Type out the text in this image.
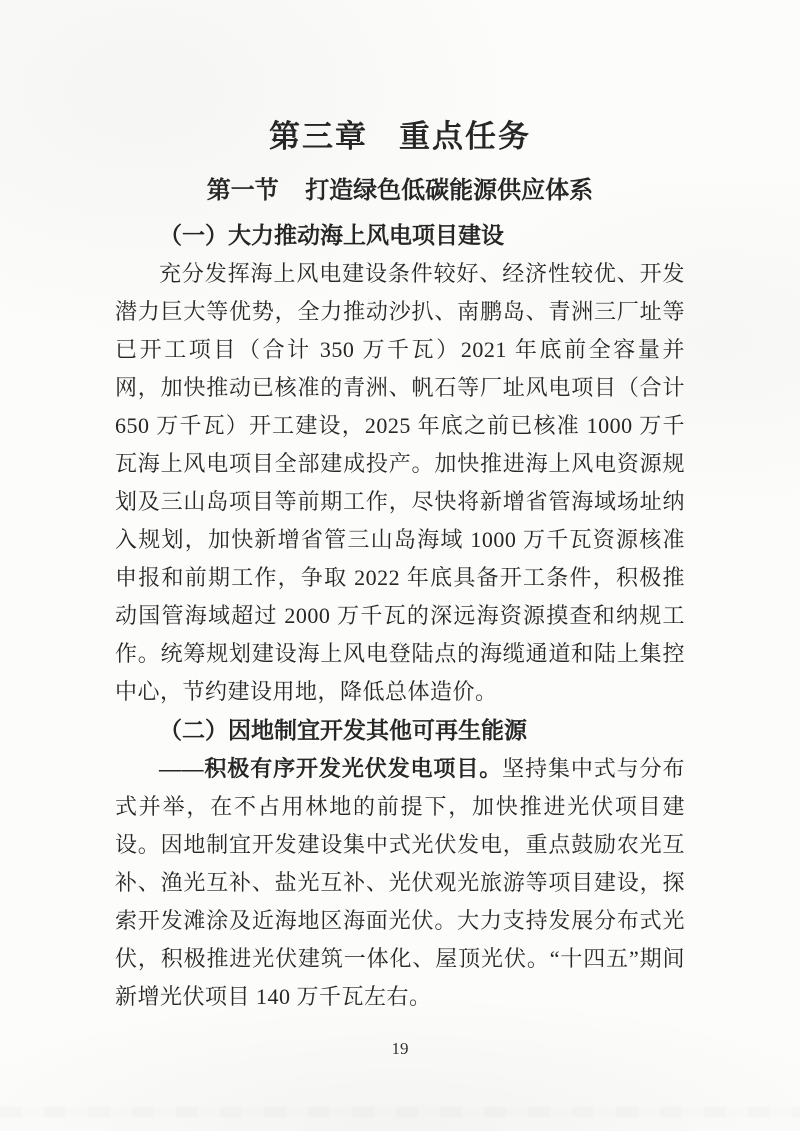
第三章 重点任务
第一节 打造绿色低碳能源供应体系
（一）大力推动海上风电项目建设

充分发挥海上风电建设条件较好、经济性较优、开发潜力巨大等优势，全力推动沙扒、南鹏岛、青洲三厂址等已开工项目（合计 350 万千瓦）2021 年底前全容量并网，加快推动已核准的青洲、帆石等厂址风电项目（合计 650 万千瓦）开工建设，2025 年底之前已核准 1000 万千瓦海上风电项目全部建成投产。加快推进海上风电资源规划及三山岛项目等前期工作，尽快将新增省管海域场址纳入规划，加快新增省管三山岛海域 1000 万千瓦资源核准申报和前期工作，争取 2022 年底具备开工条件，积极推动国管海域超过 2000 万千瓦的深远海资源摸查和纳规工作。统筹规划建设海上风电登陆点的海缆通道和陆上集控中心，节约建设用地，降低总体造价。

（二）因地制宜开发其他可再生能源

——积极有序开发光伏发电项目。坚持集中式与分布式并举，在不占用林地的前提下，加快推进光伏项目建设。因地制宜开发建设集中式光伏发电，重点鼓励农光互补、渔光互补、盐光互补、光伏观光旅游等项目建设，探索开发滩涂及近海地区海面光伏。大力支持发展分布式光伏，积极推进光伏建筑一体化、屋顶光伏。“十四五”期间新增光伏项目 140 万千瓦左右。

19
